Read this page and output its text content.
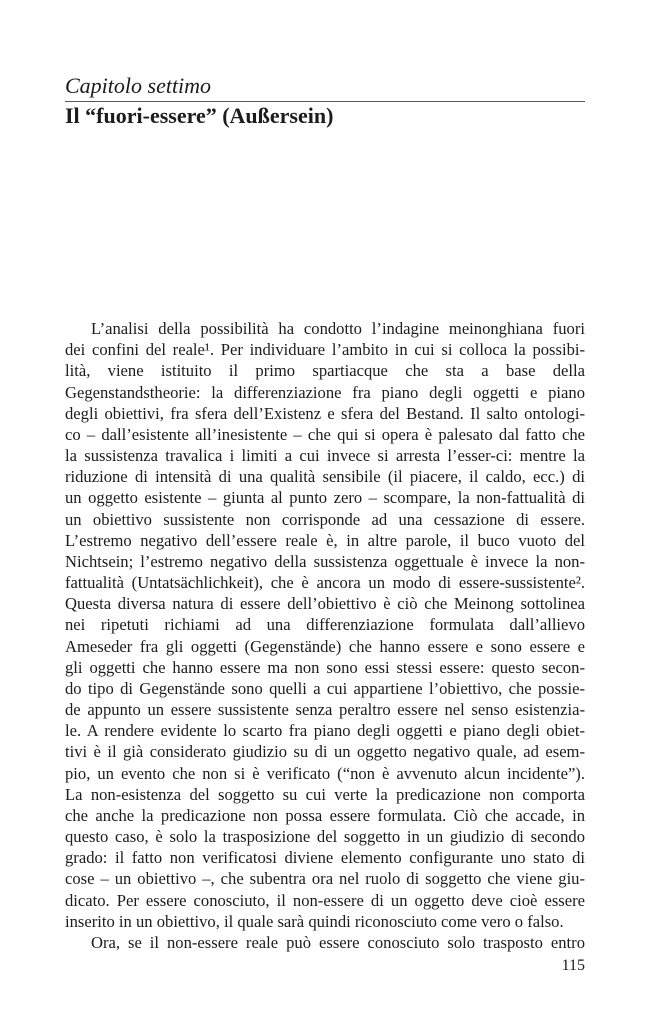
Capitolo settimo
Il “fuori-essere” (Außersein)
L’analisi della possibilità ha condotto l’indagine meinonghiana fuori
dei confini del reale¹. Per individuare l’ambito in cui si colloca la possibi-
lità, viene istituito il primo spartiacque che sta a base della
Gegenstandstheorie: la differenziazione fra piano degli oggetti e piano
degli obiettivi, fra sfera dell’Existenz e sfera del Bestand. Il salto ontologi-
co – dall’esistente all’inesistente – che qui si opera è palesato dal fatto che
la sussistenza travalica i limiti a cui invece si arresta l’esser-ci: mentre la
riduzione di intensità di una qualità sensibile (il piacere, il caldo, ecc.) di
un oggetto esistente – giunta al punto zero – scompare, la non-fattualità di
un obiettivo sussistente non corrisponde ad una cessazione di essere.
L’estremo negativo dell’essere reale è, in altre parole, il buco vuoto del
Nichtsein; l’estremo negativo della sussistenza oggettuale è invece la non-
fattualità (Untatsächlichkeit), che è ancora un modo di essere-sussistente².
Questa diversa natura di essere dell’obiettivo è ciò che Meinong sottolinea
nei ripetuti richiami ad una differenziazione formulata dall’allievo
Ameseder fra gli oggetti (Gegenstände) che hanno essere e sono essere e
gli oggetti che hanno essere ma non sono essi stessi essere: questo secon-
do tipo di Gegenstände sono quelli a cui appartiene l’obiettivo, che possie-
de appunto un essere sussistente senza peraltro essere nel senso esistenzia-
le. A rendere evidente lo scarto fra piano degli oggetti e piano degli obiet-
tivi è il già considerato giudizio su di un oggetto negativo quale, ad esem-
pio, un evento che non si è verificato (“non è avvenuto alcun incidente”).
La non-esistenza del soggetto su cui verte la predicazione non comporta
che anche la predicazione non possa essere formulata. Ciò che accade, in
questo caso, è solo la trasposizione del soggetto in un giudizio di secondo
grado: il fatto non verificatosi diviene elemento configurante uno stato di
cose – un obiettivo –, che subentra ora nel ruolo di soggetto che viene giu-
dicato. Per essere conosciuto, il non-essere di un oggetto deve cioè essere
inserito in un obiettivo, il quale sarà quindi riconosciuto come vero o falso.
Ora, se il non-essere reale può essere conosciuto solo trasposto entro
115
